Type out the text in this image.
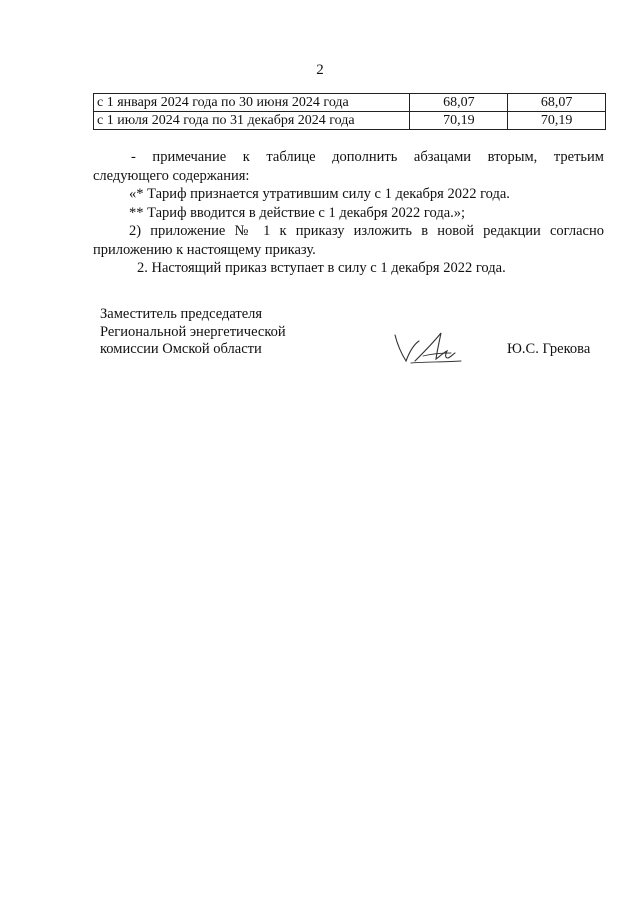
2
с 1 января 2024 года по 30 июня 2024 года	68,07	68,07
с 1 июля 2024 года по 31 декабря 2024 года	70,19	70,19

- примечание к таблице дополнить абзацами вторым, третьим

следующего содержания:

«* Тариф признается утратившим силу с 1 декабря 2022 года.

** Тариф вводится в действие с 1 декабря 2022 года.»;

2) приложение № 1 к приказу изложить в новой редакции согласно

приложению к настоящему приказу.

2. Настоящий приказ вступает в силу с 1 декабря 2022 года.

Заместитель председателя
Региональной энергетической
комиссии Омской области	Ю.С. Грекова
